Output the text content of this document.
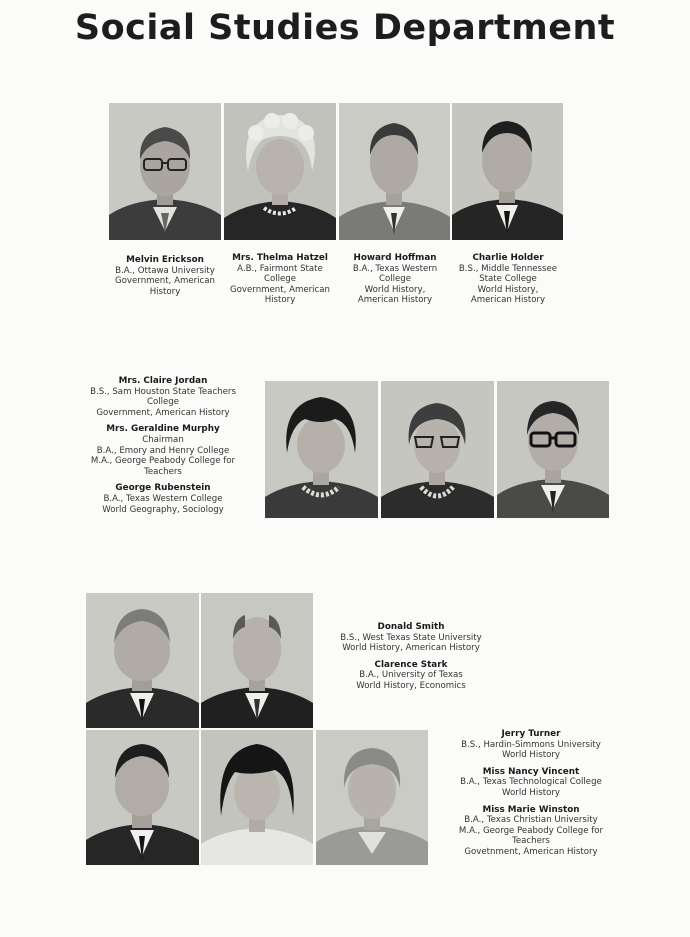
Social Studies Department
Melvin Erickson
B.A., Ottawa University
Government, American
History
Mrs. Thelma Hatzel
A.B., Fairmont State
College
Government, American
History
Howard Hoffman
B.A., Texas Western
College
World History,
American History
Charlie Holder
B.S., Middle Tennessee
State College
World History,
American History
Mrs. Claire Jordan
B.S., Sam Houston State Teachers
College
Government, American History
Mrs. Geraldine Murphy
Chairman
B.A., Emory and Henry College
M.A., George Peabody College for
Teachers
George Rubenstein
B.A., Texas Western College
World Geography, Sociology
Donald Smith
B.S., West Texas State University
World History, American History
Clarence Stark
B.A., University of Texas
World History, Economics
Jerry Turner
B.S., Hardin-Simmons University
World History
Miss Nancy Vincent
B.A., Texas Technological College
World History
Miss Marie Winston
B.A., Texas Christian University
M.A., George Peabody College for
Teachers
Govetnment, American History
